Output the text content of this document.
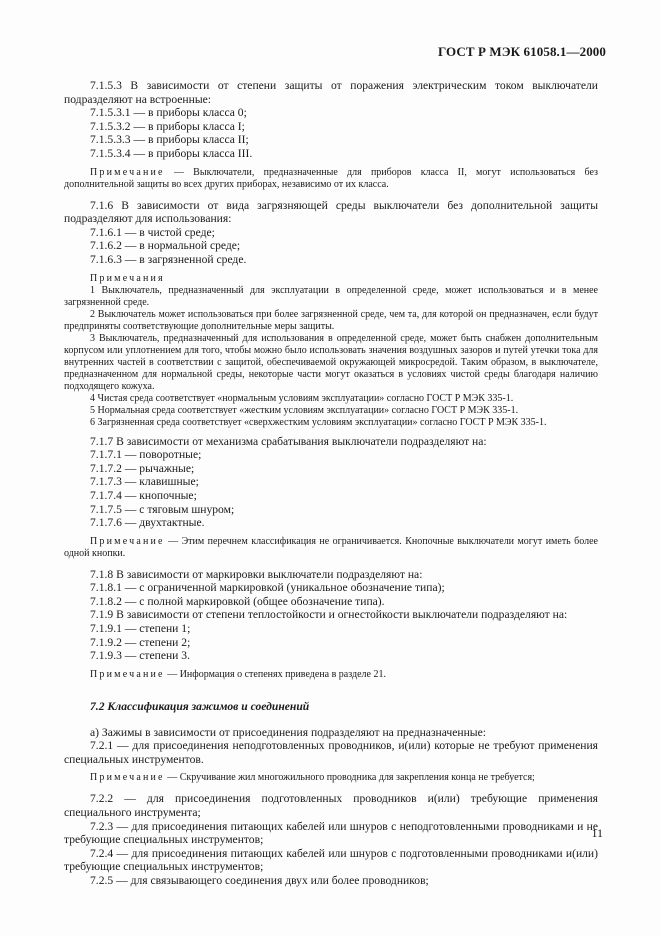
ГОСТ Р МЭК 61058.1—2000

7.1.5.3 В зависимости от степени защиты от поражения электрическим током выключатели подразделяют на встроенные:

7.1.5.3.1 — в приборы класса 0;

7.1.5.3.2 — в приборы класса I;

7.1.5.3.3 — в приборы класса II;

7.1.5.3.4 — в приборы класса III.

Примечание — Выключатели, предназначенные для приборов класса II, могут использоваться без дополнительной защиты во всех других приборах, независимо от их класса.

7.1.6 В зависимости от вида загрязняющей среды выключатели без дополнительной защиты подразделяют для использования:

7.1.6.1 — в чистой среде;

7.1.6.2 — в нормальной среде;

7.1.6.3 — в загрязненной среде.

Примечания

1 Выключатель, предназначенный для эксплуатации в определенной среде, может использоваться и в менее загрязненной среде.

2 Выключатель может использоваться при более загрязненной среде, чем та, для которой он предназначен, если будут предприняты соответствующие дополнительные меры защиты.

3 Выключатель, предназначенный для использования в определенной среде, может быть снабжен дополнительным корпусом или уплотнением для того, чтобы можно было использовать значения воздушных зазоров и путей утечки тока для внутренних частей в соответствии с защитой, обеспечиваемой окружающей микросредой. Таким образом, в выключателе, предназначенном для нормальной среды, некоторые части могут оказаться в условиях чистой среды благодаря наличию подходящего кожуха.

4 Чистая среда соответствует «нормальным условиям эксплуатации» согласно ГОСТ Р МЭК 335-1.

5 Нормальная среда соответствует «жестким условиям эксплуатации» согласно ГОСТ Р МЭК 335-1.

6 Загрязненная среда соответствует «сверхжестким условиям эксплуатации» согласно ГОСТ Р МЭК 335-1.

7.1.7 В зависимости от механизма срабатывания выключатели подразделяют на:

7.1.7.1 — поворотные;

7.1.7.2 — рычажные;

7.1.7.3 — клавишные;

7.1.7.4 — кнопочные;

7.1.7.5 — с тяговым шнуром;

7.1.7.6 — двухтактные.

Примечание — Этим перечнем классификация не ограничивается. Кнопочные выключатели могут иметь более одной кнопки.

7.1.8 В зависимости от маркировки выключатели подразделяют на:

7.1.8.1 — с ограниченной маркировкой (уникальное обозначение типа);

7.1.8.2 — с полной маркировкой (общее обозначение типа).

7.1.9 В зависимости от степени теплостойкости и огнестойкости выключатели подразделяют на:

7.1.9.1 — степени 1;

7.1.9.2 — степени 2;

7.1.9.3 — степени 3.

Примечание — Информация о степенях приведена в разделе 21.

7.2 Классификация зажимов и соединений

а) Зажимы в зависимости от присоединения подразделяют на предназначенные:

7.2.1 — для присоединения неподготовленных проводников, и(или) которые не требуют применения специальных инструментов.

Примечание — Скручивание жил многожильного проводника для закрепления конца не требуется;

7.2.2 — для присоединения подготовленных проводников и(или) требующие применения специального инструмента;

7.2.3 — для присоединения питающих кабелей или шнуров с неподготовленными проводниками и не требующие специальных инструментов;

7.2.4 — для присоединения питающих кабелей или шнуров с подготовленными проводниками и(или) требующие специальных инструментов;

7.2.5 — для связывающего соединения двух или более проводников;

11
